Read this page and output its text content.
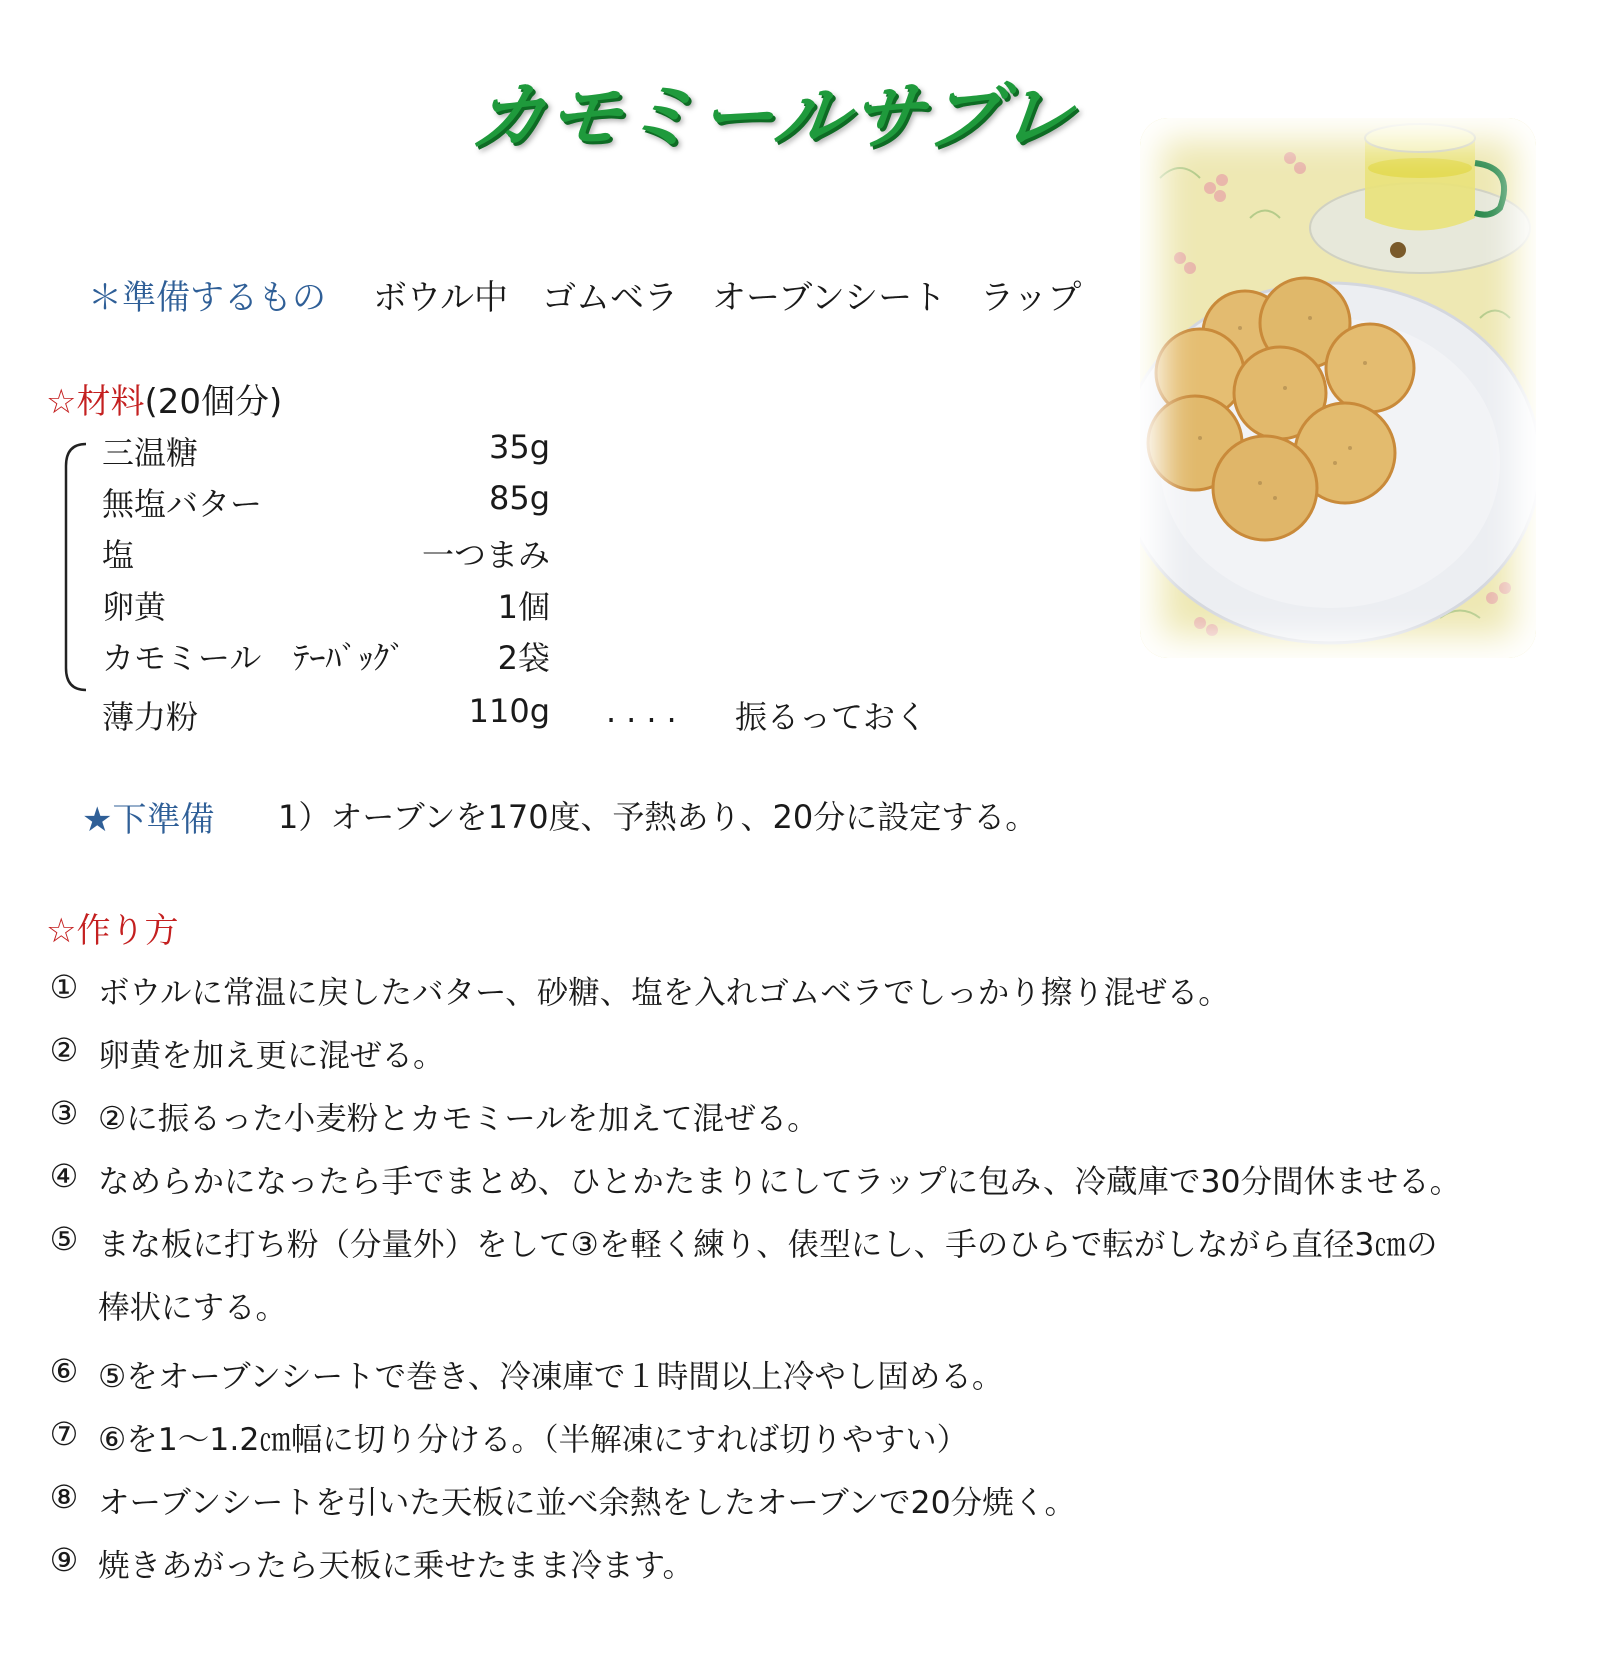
カモミールサブレ
＊準備するもの ボウル中　ゴムベラ　オーブンシート　ラップ
☆材料(20個分)
三温糖	35g
無塩バター	85g
塩	一つまみ
卵黄	1個
カモミール　ﾃｰﾊﾞｯｸﾞ	2袋
薄力粉	110g .... 振るっておく
★下準備 1）オーブンを170度、予熱あり、20分に設定する。
☆作り方
① ボウルに常温に戻したバター、砂糖、塩を入れゴムベラでしっかり擦り混ぜる。
② 卵黄を加え更に混ぜる。
③ ②に振るった小麦粉とカモミールを加えて混ぜる。
④ なめらかになったら手でまとめ、ひとかたまりにしてラップに包み、冷蔵庫で30分間休ませる。
⑤ まな板に打ち粉（分量外）をして③を軽く練り、俵型にし、手のひらで転がしながら直径3㎝の
棒状にする。
⑥ ⑤をオーブンシートで巻き、冷凍庫で１時間以上冷やし固める。
⑦ ⑥を1～1.2㎝幅に切り分ける。（半解凍にすれば切りやすい）
⑧ オーブンシートを引いた天板に並べ余熱をしたオーブンで20分焼く。
⑨ 焼きあがったら天板に乗せたまま冷ます。
